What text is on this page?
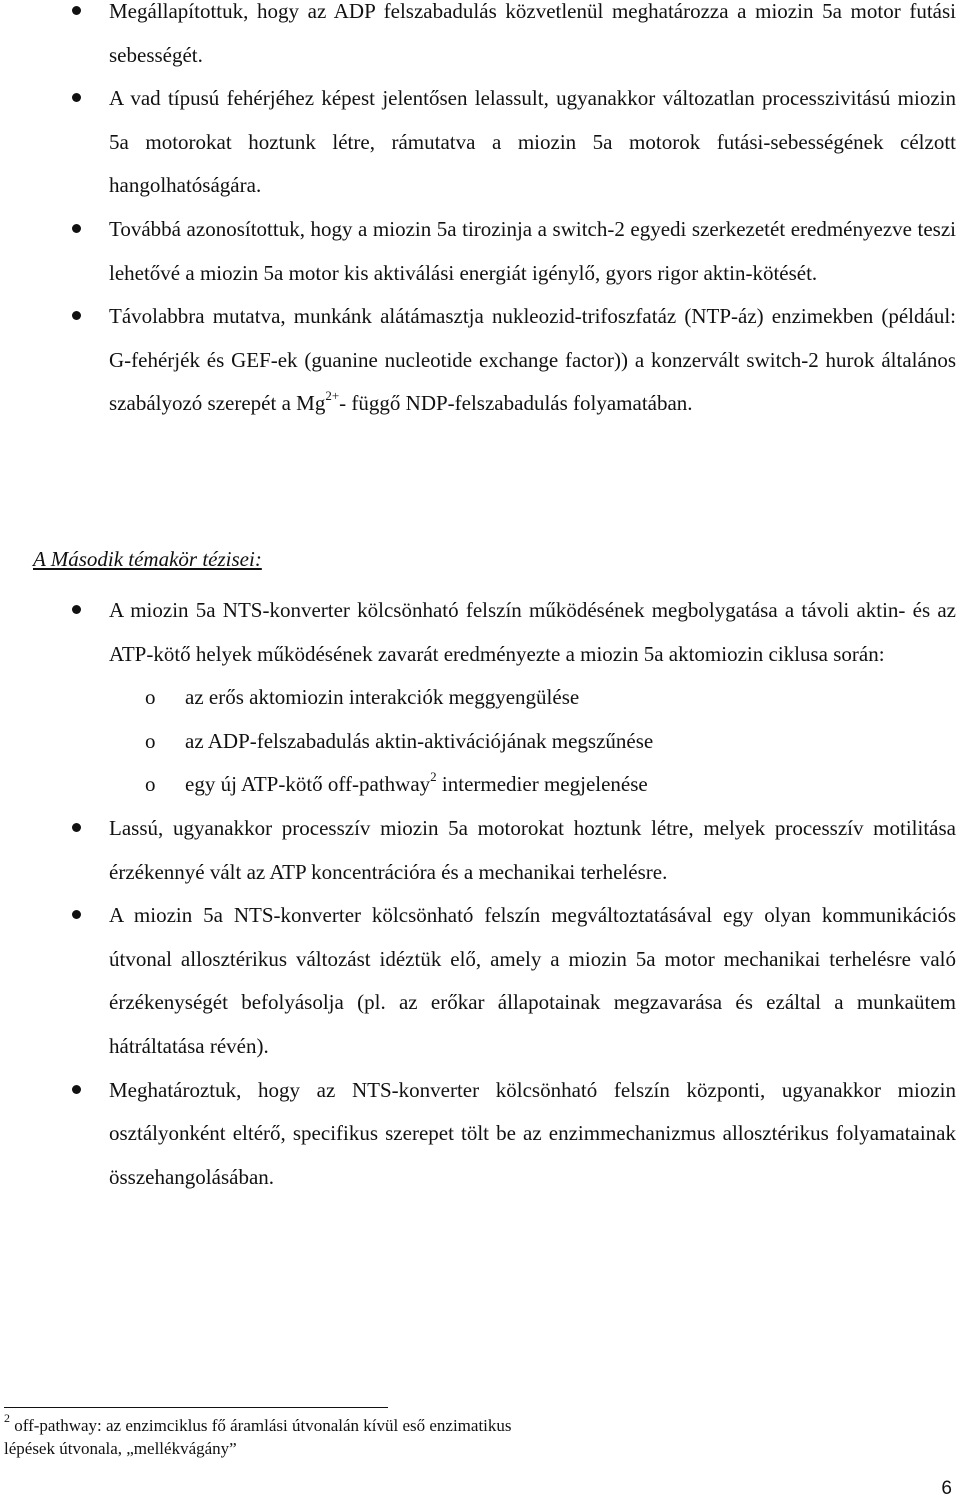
Megállapítottuk, hogy az ADP felszabadulás közvetlenül meghatározza a miozin 5a motor futási sebességét.
A vad típusú fehérjéhez képest jelentősen lelassult, ugyanakkor változatlan processzivitású miozin 5a motorokat hoztunk létre, rámutatva a miozin 5a motorok futási-sebességének célzott hangolhatóságára.
Továbbá azonosítottuk, hogy a miozin 5a tirozinja a switch-2 egyedi szerkezetét eredményezve teszi lehetővé a miozin 5a motor kis aktiválási energiát igénylő, gyors rigor aktin-kötését.
Távolabbra mutatva, munkánk alátámasztja nukleozid-trifoszfatáz (NTP-áz) enzimekben (például: G-fehérjék és GEF-ek (guanine nucleotide exchange factor)) a konzervált switch-2 hurok általános szabályozó szerepét a $Mg^{2+}-$ függő NDP-felszabadulás folyamatában.
A Második témakör tézisei:
A miozin 5a NTS-konverter kölcsönható felszín működésének megbolygatása a távoli aktin- és az ATP-kötő helyek működésének zavarát eredményezte a miozin 5a aktomiozin ciklusa során:
o az erős aktomiozin interakciók meggyengülése
o az ADP-felszabadulás aktin-aktivációjának megszűnése
o egy új ATP-kötő off-pathway$^2$ intermedier megjelenése
Lassú, ugyanakkor processzív miozin 5a motorokat hoztunk létre, melyek processzív motilitása érzékennyé vált az ATP koncentrációra és a mechanikai terhelésre.
A miozin 5a NTS-konverter kölcsönható felszín megváltoztatásával egy olyan kommunikációs útvonal allosztérikus változást idéztük elő, amely a miozin 5a motor mechanikai terhelésre való érzékenységét befolyásolja (pl. az erőkar állapotainak megzavarása és ezáltal a munkaütem hátráltatása révén).
Meghatároztuk, hogy az NTS-konverter kölcsönható felszín központi, ugyanakkor miozin osztályonként eltérő, specifikus szerepet tölt be az enzimmechanizmus allosztérikus folyamatainak összehangolásában.
$^2$ off-pathway: az enzimciklus fő áramlási útvonalán kívül eső enzimatikus lépések útvonala, „mellékvágány”
6
